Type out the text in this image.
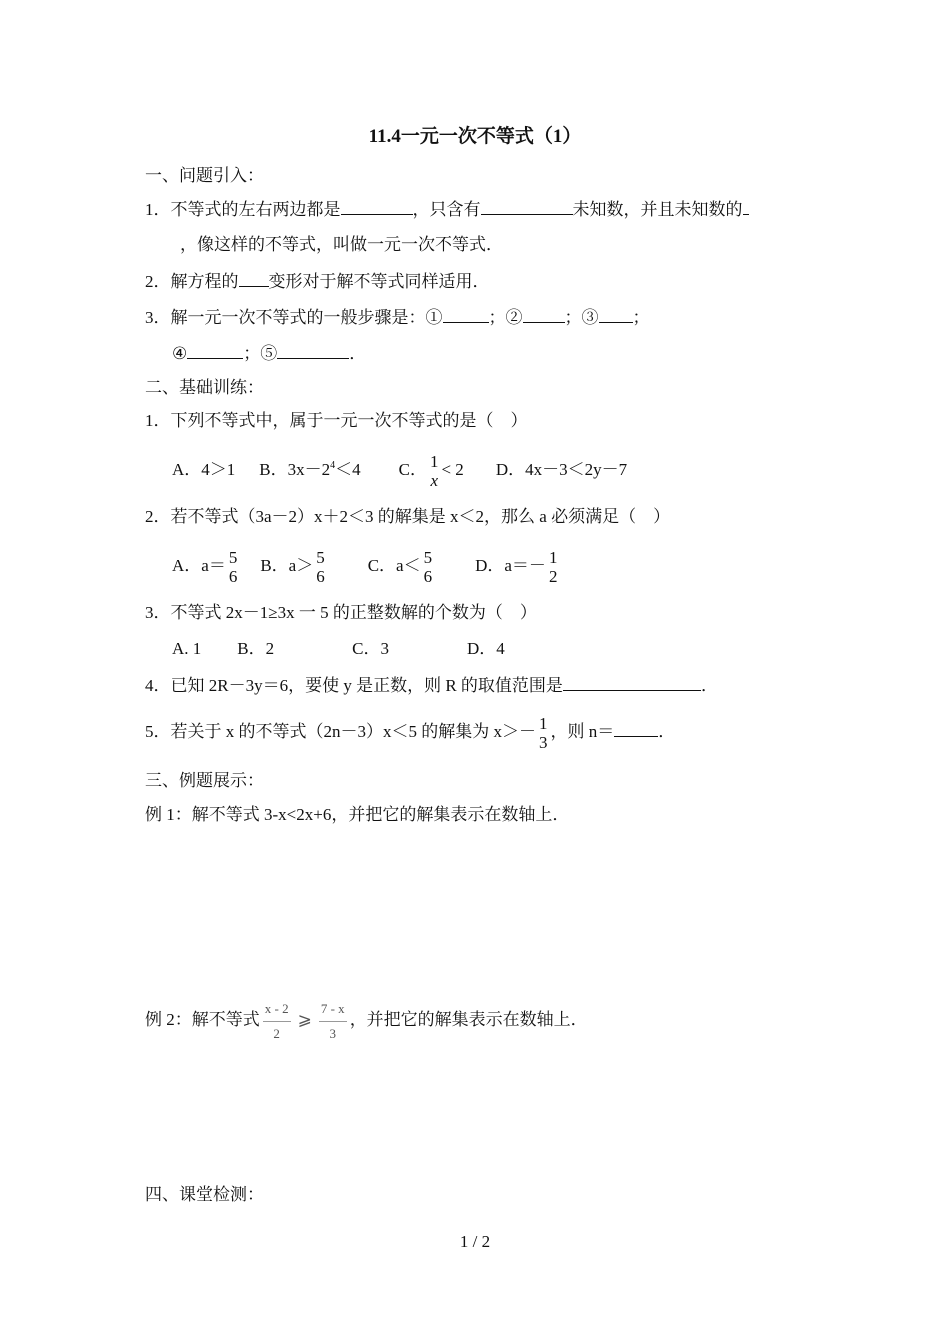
11.4一元一次不等式（1）
一、问题引入：
1．不等式的左右两边都是	，只含有	未知数，并且未知数的
，像这样的不等式，叫做一元一次不等式．
2．解方程的 变形对于解不等式同样适用．
3．解一元一次不等式的一般步骤是：①	；② ；③ ；
④	；⑤	．
二、基础训练：
1．下列不等式中，属于一元一次不等式的是（　）
A．4＞1 B．$3x-2^4<4$ C． 1
x
< 2 D．4x－3＜2y－7
2．若不等式（3a－2）x＋2＜3 的解集是 x＜2，那么 a 必须满足（　）
A．a＝ 5
6
B．a＞ 5
6
C．a＜ 5
6
D．a＝－ 1
2
3．不等式 2x－1≥3x 一 5 的正整数解的个数为（　）
A. 1 B．2	C．3	D．4
4．已知 2R－3y＝6，要使 y 是正数，则 R 的取值范围是	．
5．若关于 x 的不等式（2n－3）x＜5 的解集为 x＞－ 1
3
，则 n＝	．
三、例题展示：
例 1：解不等式 3-x<2x+6，并把它的解集表示在数轴上．
例 2：解不等式 $\frac{x - 2}{2}$ ⩾ $\frac{7 - x}{3}$ ，并把它的解集表示在数轴上．
四、课堂检测：
1 / 2
